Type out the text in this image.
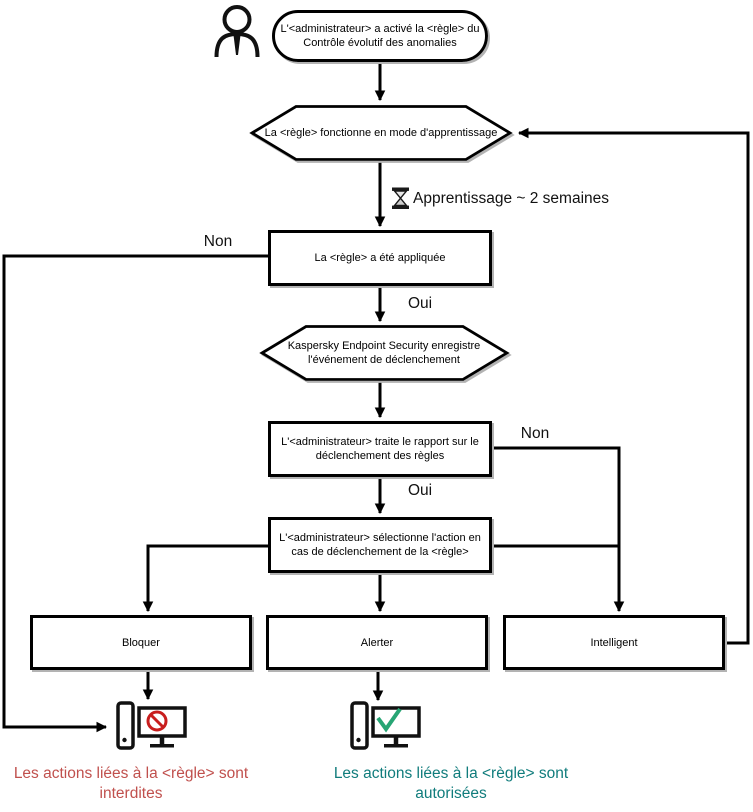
L'<administrateur> a activé la <règle> du
Contrôle évolutif des anomalies
La <règle> fonctionne en mode d'apprentissage
Apprentissage ~ 2 semaines
La <règle> a été appliquée
Kaspersky Endpoint Security enregistre
l'événement de déclenchement
L'<administrateur> traite le rapport sur le
déclenchement des règles
L'<administrateur> sélectionne l'action en
cas de déclenchement de la <règle>
Bloquer	Alerter	Intelligent
Non
Oui
Non
Oui
Les actions liées à la <règle> sont interdites
Les actions liées à la <règle> sont autorisées
